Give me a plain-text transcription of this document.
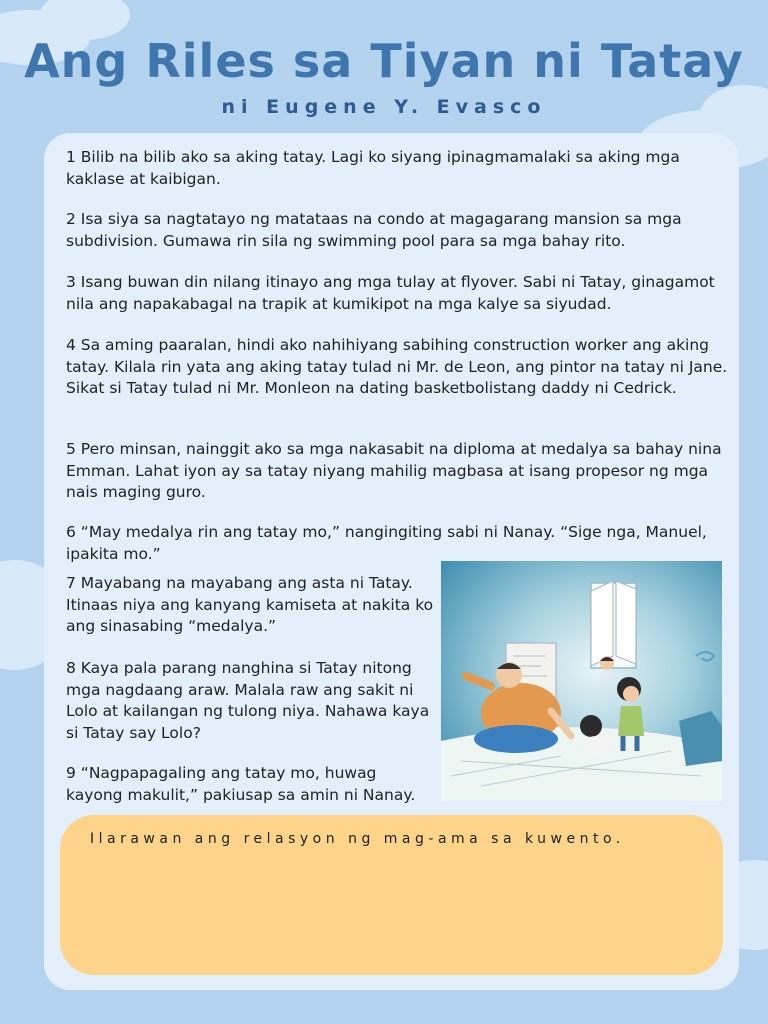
Ang Riles sa Tiyan ni Tatay

ni Eugene Y. Evasco

1 Bilib na bilib ako sa aking tatay. Lagi ko siyang ipinagmamalaki sa aking mga kaklase at kaibigan.

2 Isa siya sa nagtatayo ng matataas na condo at magagarang mansion sa mga subdivision. Gumawa rin sila ng swimming pool para sa mga bahay rito.

3 Isang buwan din nilang itinayo ang mga tulay at flyover. Sabi ni Tatay, ginagamot nila ang napakabagal na trapik at kumikipot na mga kalye sa siyudad.

4 Sa aming paaralan, hindi ako nahihiyang sabihing construction worker ang aking tatay. Kilala rin yata ang aking tatay tulad ni Mr. de Leon, ang pintor na tatay ni Jane. Sikat si Tatay tulad ni Mr. Monleon na dating basketbolistang daddy ni Cedrick.

5 Pero minsan, nainggit ako sa mga nakasabit na diploma at medalya sa bahay nina Emman. Lahat iyon ay sa tatay niyang mahilig magbasa at isang propesor ng mga nais maging guro.

6 “May medalya rin ang tatay mo,” nangingiting sabi ni Nanay. “Sige nga, Manuel, ipakita mo.”

7 Mayabang na mayabang ang asta ni Tatay. Itinaas niya ang kanyang kamiseta at nakita ko ang sinasabing “medalya.”

8 Kaya pala parang nanghina si Tatay nitong mga nagdaang araw. Malala raw ang sakit ni Lolo at kailangan ng tulong niya. Nahawa kaya si Tatay say Lolo?

9 “Nagpapagaling ang tatay mo, huwag kayong makulit,” pakiusap sa amin ni Nanay.

Ilarawan ang relasyon ng mag-ama sa kuwento.
